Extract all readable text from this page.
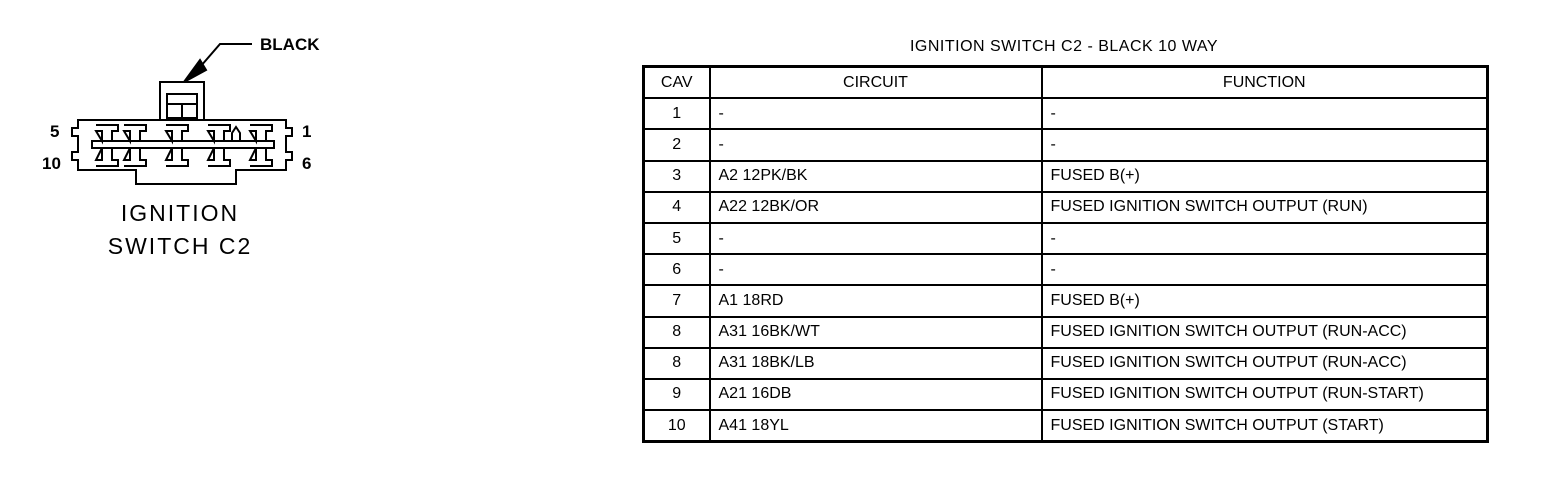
BLACK
5
10
1
6
IGNITION
SWITCH C2
IGNITION SWITCH C2 - BLACK 10 WAY
CAV	CIRCUIT	FUNCTION
1	-	-
2	-	-
3	A2 12PK/BK	FUSED B(+)
4	A22 12BK/OR	FUSED IGNITION SWITCH OUTPUT (RUN)
5	-	-
6	-	-
7	A1 18RD	FUSED B(+)
8	A31 16BK/WT	FUSED IGNITION SWITCH OUTPUT (RUN-ACC)
8	A31 18BK/LB	FUSED IGNITION SWITCH OUTPUT (RUN-ACC)
9	A21 16DB	FUSED IGNITION SWITCH OUTPUT (RUN-START)
10	A41 18YL	FUSED IGNITION SWITCH OUTPUT (START)
